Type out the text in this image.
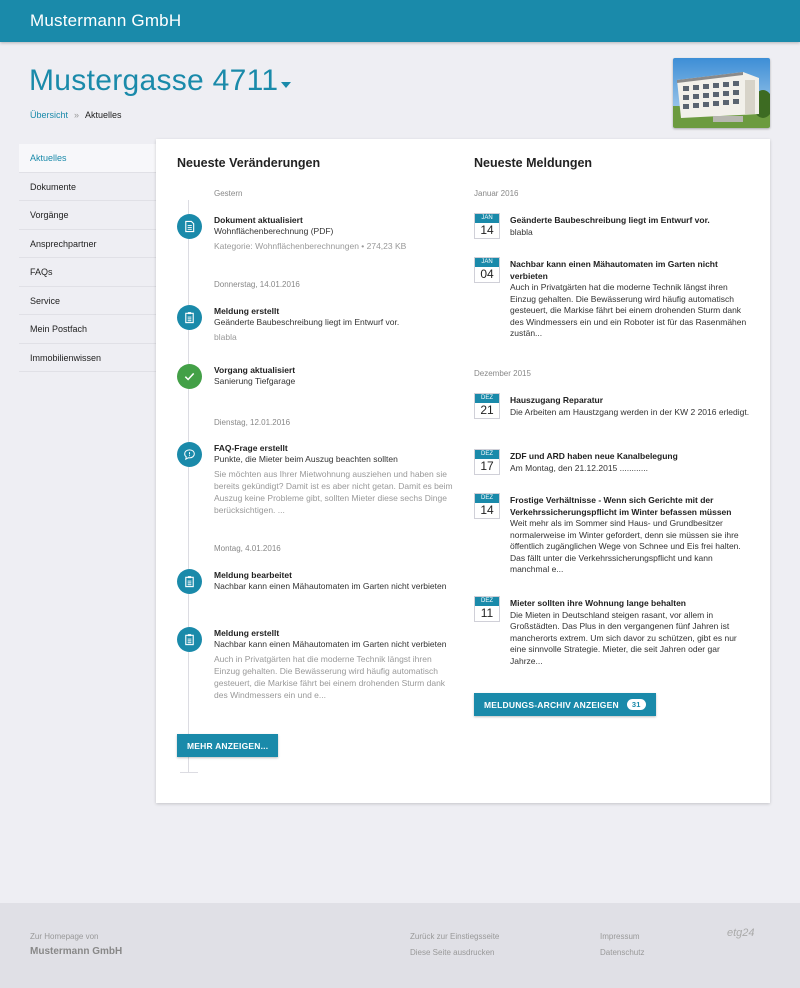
Mustermann GmbH
Mustergasse 4711
Übersicht » Aktuelles
Aktuelles
Dokumente
Vorgänge
Ansprechpartner
FAQs
Service
Mein Postfach
Immobilienwissen
Neueste Veränderungen
Gestern
Dokument aktualisiert
Wohnflächenberechnung (PDF)
Kategorie: Wohnflächenberechnungen • 274,23 KB
Donnerstag, 14.01.2016
Meldung erstellt
Geänderte Baubeschreibung liegt im Entwurf vor.
blabla
Vorgang aktualisiert
Sanierung Tiefgarage
Dienstag, 12.01.2016
FAQ-Frage erstellt
Punkte, die Mieter beim Auszug beachten sollten
Sie möchten aus Ihrer Mietwohnung ausziehen und haben sie bereits gekündigt? Damit ist es aber nicht getan. Damit es beim Auszug keine Probleme gibt, sollten Mieter diese sechs Dinge berücksichtigen. ...
Montag, 4.01.2016
Meldung bearbeitet
Nachbar kann einen Mähautomaten im Garten nicht verbieten
Meldung erstellt
Nachbar kann einen Mähautomaten im Garten nicht verbieten
Auch in Privatgärten hat die moderne Technik längst ihren Einzug gehalten. Die Bewässerung wird häufig automatisch gesteuert, die Markise fährt bei einem drohenden Sturm dank des Windmessers ein und e...
MEHR ANZEIGEN...
Neueste Meldungen
Januar 2016
JAN
14
Geänderte Baubeschreibung liegt im Entwurf vor.
blabla
JAN
04
Nachbar kann einen Mähautomaten im Garten nicht verbieten
Auch in Privatgärten hat die moderne Technik längst ihren Einzug gehalten. Die Bewässerung wird häufig automatisch gesteuert, die Markise fährt bei einem drohenden Sturm dank des Windmessers ein und ein Roboter ist für das Rasenmähen zustän...
Dezember 2015
DEZ
21
Hauszugang Reparatur
Die Arbeiten am Haustzgang werden in der KW 2 2016 erledigt.
DEZ
17
ZDF und ARD haben neue Kanalbelegung
Am Montag, den 21.12.2015 ............
DEZ
14
Frostige Verhältnisse - Wenn sich Gerichte mit der Verkehrssicherungspflicht im Winter befassen müssen
Weit mehr als im Sommer sind Haus- und Grundbesitzer normalerweise im Winter gefordert, denn sie müssen sie ihre öffentlich zugänglichen Wege von Schnee und Eis frei halten. Das fällt unter die Verkehrssicherungspflicht und kann manchmal e...
DEZ
11
Mieter sollten ihre Wohnung lange behalten
Die Mieten in Deutschland steigen rasant, vor allem in Großstädten. Das Plus in den vergangenen fünf Jahren ist mancherorts extrem. Um sich davor zu schützen, gibt es nur eine sinnvolle Strategie. Mieter, die seit Jahren oder gar Jahrze...
MELDUNGS-ARCHIV ANZEIGEN	31
Zur Homepage von
Mustermann GmbH
Zurück zur Einstiegsseite
Diese Seite ausdrucken
Impressum
Datenschutz
etg24
